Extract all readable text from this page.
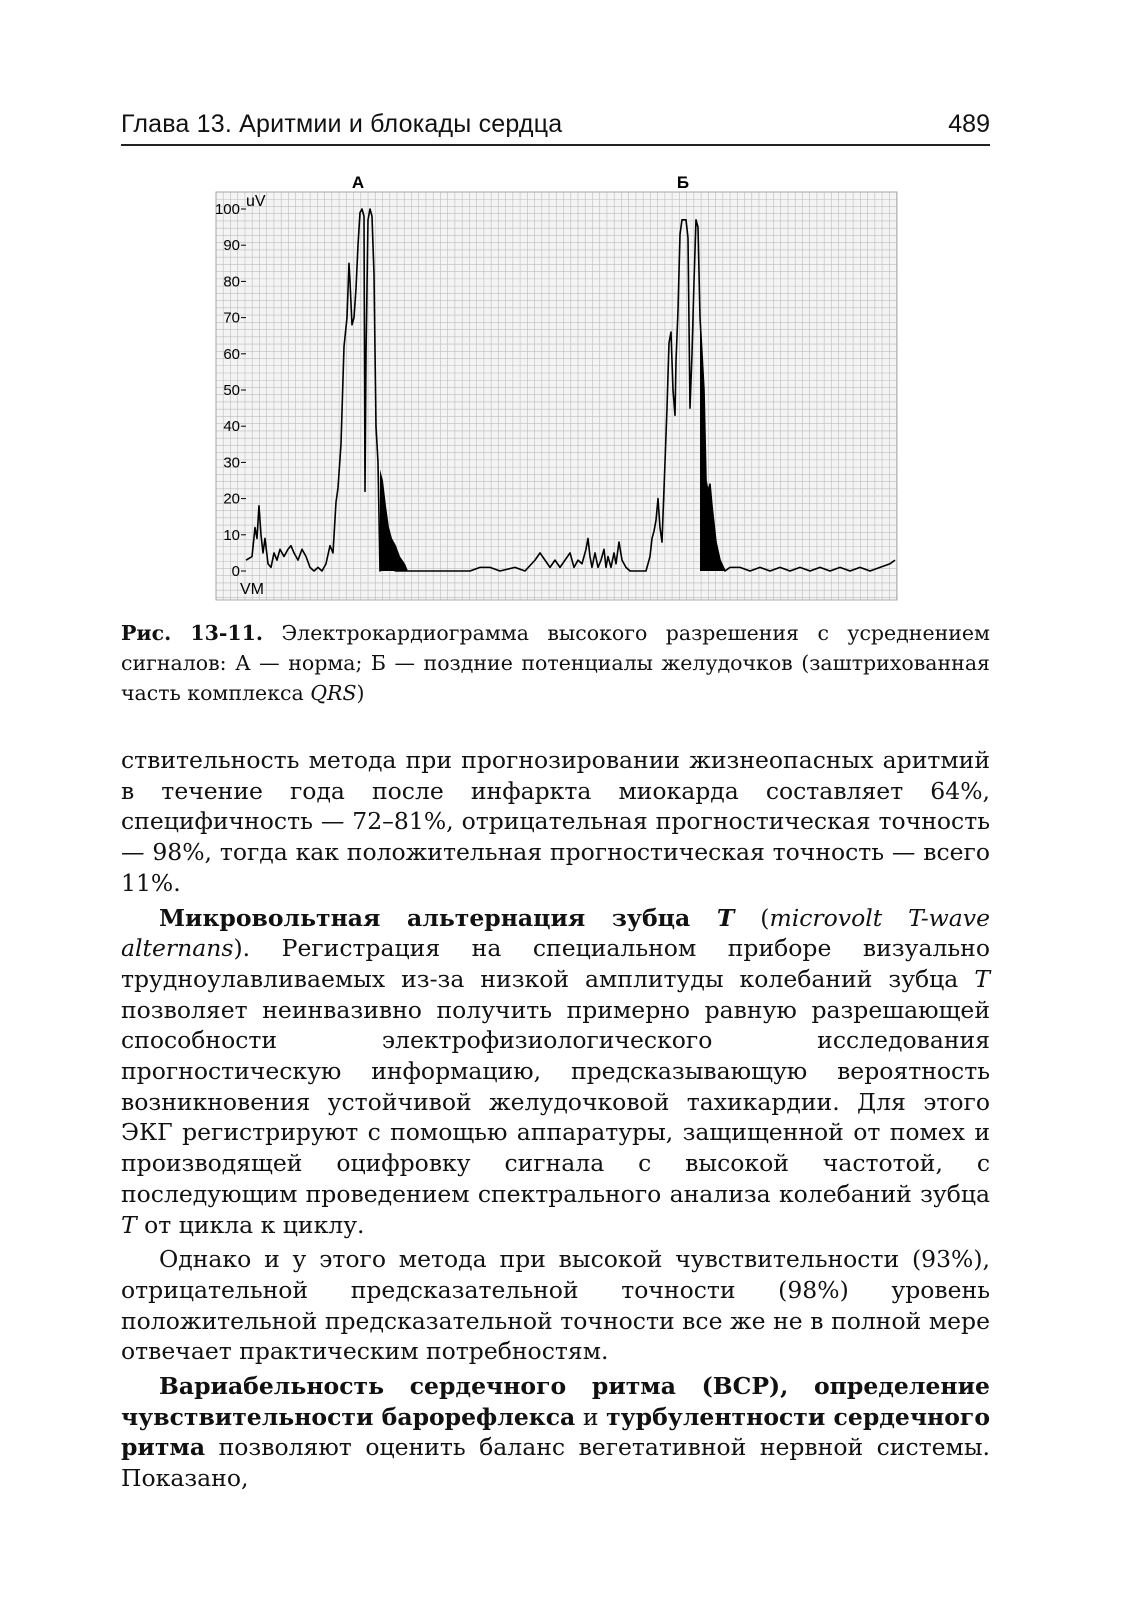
Глава 13. Аритмии и блокады сердца	489
100
90
80
70
60
50
40
30
20
10
0
А	Б
uV
VM
Рис. 13-11. Электрокардиограмма высокого разрешения с усреднением сигналов: А — норма; Б — поздние потенциалы желудочков (заштрихованная часть комплекса QRS)

ствительность метода при прогнозировании жизнеопасных аритмий в течение года после инфаркта миокарда составляет 64%, специфичность — 72–81%, отрицательная прогностическая точность — 98%, тогда как положительная прогностическая точность — всего 11%.

Микровольтная альтернация зубца T (microvolt T-wave alternans). Регистрация на специальном приборе визуально трудноулавливаемых из-за низкой амплитуды колебаний зубца T позволяет неинвазивно получить примерно равную разрешающей способности электрофизиологического исследования прогностическую информацию, предсказывающую вероятность возникновения устойчивой желудочковой тахикардии. Для этого ЭКГ регистрируют с помощью аппаратуры, защищенной от помех и производящей оцифровку сигнала с высокой частотой, с последующим проведением спектрального анализа колебаний зубца T от цикла к циклу.

Однако и у этого метода при высокой чувствительности (93%), отрицательной предсказательной точности (98%) уровень положительной предсказательной точности все же не в полной мере отвечает практическим потребностям.

Вариабельность сердечного ритма (ВСР), определение чувствительности барорефлекса и турбулентности сердечного ритма позволяют оценить баланс вегетативной нервной системы. Показано,
